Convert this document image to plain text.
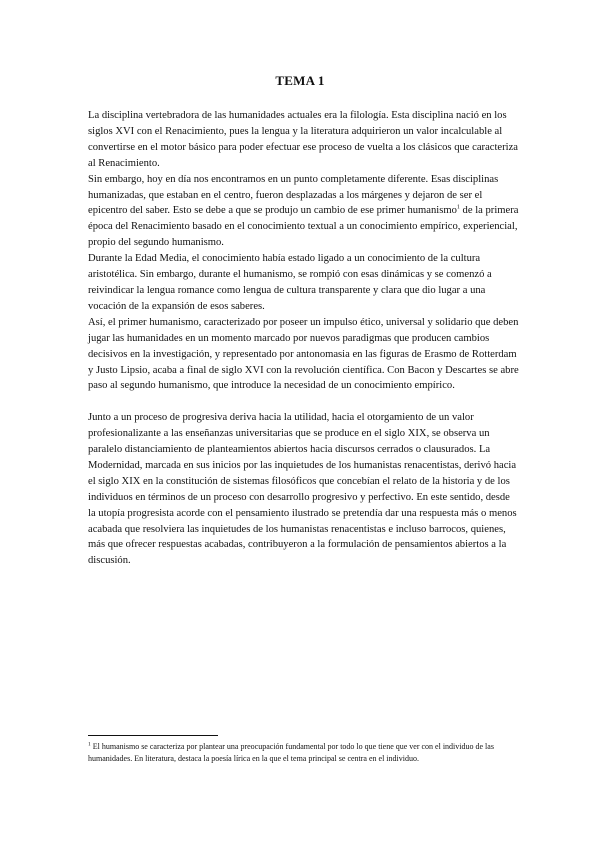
TEMA 1

La disciplina vertebradora de las humanidades actuales era la filología. Esta disciplina nació en los siglos XVI con el Renacimiento, pues la lengua y la literatura adquirieron un valor incalculable al convertirse en el motor básico para poder efectuar ese proceso de vuelta a los clásicos que caracteriza al Renacimiento.

Sin embargo, hoy en día nos encontramos en un punto completamente diferente. Esas disciplinas humanizadas, que estaban en el centro, fueron desplazadas a los márgenes y dejaron de ser el epicentro del saber. Esto se debe a que se produjo un cambio de ese primer humanismo$^1$ de la primera época del Renacimiento basado en el conocimiento textual a un conocimiento empírico, experiencial, propio del segundo humanismo.

Durante la Edad Media, el conocimiento había estado ligado a un conocimiento de la cultura aristotélica. Sin embargo, durante el humanismo, se rompió con esas dinámicas y se comenzó a reivindicar la lengua romance como lengua de cultura transparente y clara que dio lugar a una vocación de la expansión de esos saberes.

Así, el primer humanismo, caracterizado por poseer un impulso ético, universal y solidario que deben jugar las humanidades en un momento marcado por nuevos paradigmas que producen cambios decisivos en la investigación, y representado por antonomasia en las figuras de Erasmo de Rotterdam y Justo Lipsio, acaba a final de siglo XVI con la revolución científica. Con Bacon y Descartes se abre paso al segundo humanismo, que introduce la necesidad de un conocimiento empírico.

Junto a un proceso de progresiva deriva hacia la utilidad, hacia el otorgamiento de un valor profesionalizante a las enseñanzas universitarias que se produce en el siglo XIX, se observa un paralelo distanciamiento de planteamientos abiertos hacia discursos cerrados o clausurados. La Modernidad, marcada en sus inicios por las inquietudes de los humanistas renacentistas, derivó hacia el siglo XIX en la constitución de sistemas filosóficos que concebían el relato de la historia y de los individuos en términos de un proceso con desarrollo progresivo y perfectivo. En este sentido, desde la utopía progresista acorde con el pensamiento ilustrado se pretendía dar una respuesta más o menos acabada que resolviera las inquietudes de los humanistas renacentistas e incluso barrocos, quienes, más que ofrecer respuestas acabadas, contribuyeron a la formulación de pensamientos abiertos a la discusión.

$^1$ El humanismo se caracteriza por plantear una preocupación fundamental por todo lo que tiene que ver con el individuo de las humanidades. En literatura, destaca la poesía lírica en la que el tema principal se centra en el individuo.
